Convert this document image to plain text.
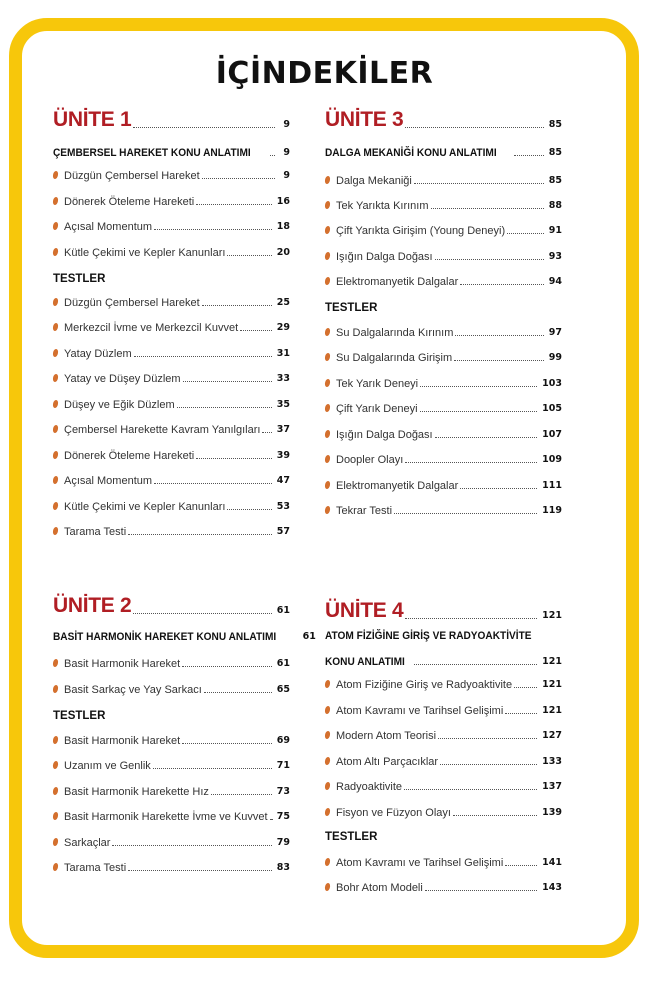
İÇİNDEKİLER
ÜNİTE 1	9
ÇEMBERSEL HAREKET KONU ANLATIMI	9
Düzgün Çembersel Hareket	9
Dönerek Öteleme Hareketi	16
Açısal Momentum	18
Kütle Çekimi ve Kepler Kanunları	20
TESTLER
Düzgün Çembersel Hareket	25
Merkezcil İvme ve Merkezcil Kuvvet	29
Yatay Düzlem	31
Yatay ve Düşey Düzlem	33
Düşey ve Eğik Düzlem	35
Çembersel Harekette Kavram Yanılgıları 37
Dönerek Öteleme Hareketi	39
Açısal Momentum	47
Kütle Çekimi ve Kepler Kanunları	53
Tarama Testi	57
ÜNİTE 3	85
DALGA MEKANİĞİ KONU ANLATIMI	85
Dalga Mekaniği	85
Tek Yarıkta Kırınım	88
Çift Yarıkta Girişim (Young Deneyi)	91
Işığın Dalga Doğası	93
Elektromanyetik Dalgalar	94
TESTLER
Su Dalgalarında Kırınım	97
Su Dalgalarında Girişim	99
Tek Yarık Deneyi	103
Çift Yarık Deneyi	105
Işığın Dalga Doğası	107
Doopler Olayı	109
Elektromanyetik Dalgalar	111
Tekrar Testi	119
ÜNİTE 2	61
BASİT HARMONİK HAREKET KONU ANLATIMI	61
Basit Harmonik Hareket	61
Basit Sarkaç ve Yay Sarkacı	65
TESTLER
Basit Harmonik Hareket	69
Uzanım ve Genlik	71
Basit Harmonik Harekette Hız	73
Basit Harmonik Harekette İvme ve Kuvvet 75
Sarkaçlar	79
Tarama Testi	83
ÜNİTE 4	121
ATOM FİZİĞİNE GİRİŞ VE RADYOAKTİVİTE
KONU ANLATIMI	121
Atom Fiziğine Giriş ve Radyoaktivite	121
Atom Kavramı ve Tarihsel Gelişimi	121
Modern Atom Teorisi	127
Atom Altı Parçacıklar	133
Radyoaktivite	137
Fisyon ve Füzyon Olayı	139
TESTLER
Atom Kavramı ve Tarihsel Gelişimi	141
Bohr Atom Modeli	143
